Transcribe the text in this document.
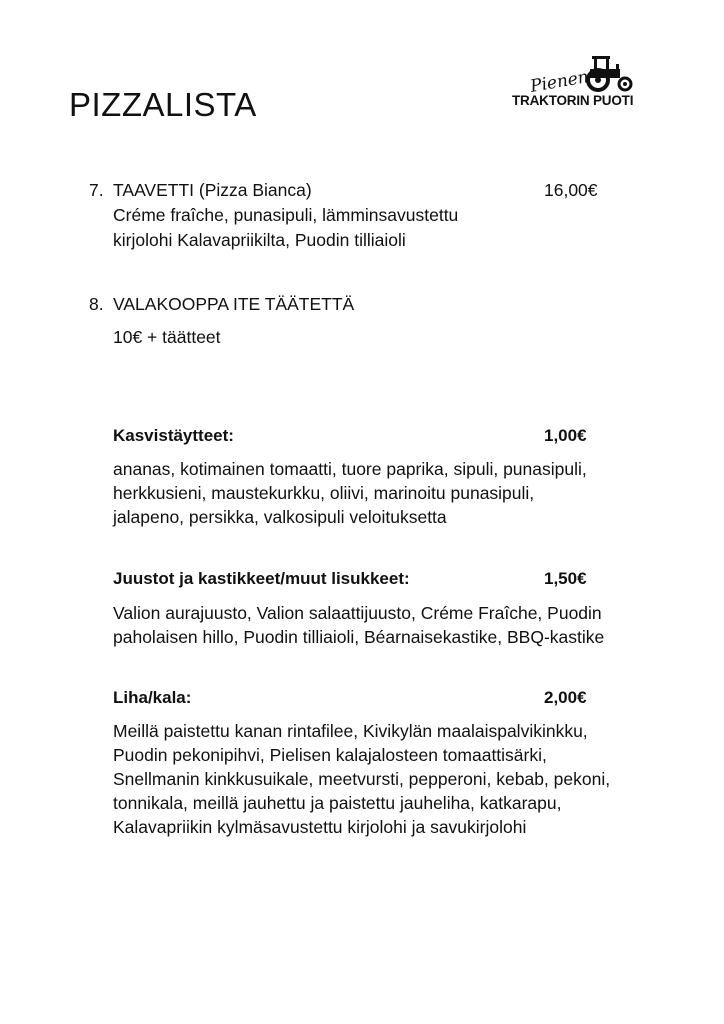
PIZZALISTA
Pienen
TRAKTORIN PUOTI
7. TAAVETTI (Pizza Bianca)	16,00€
Créme fraîche, punasipuli, lämminsavustettu
kirjolohi Kalavapriikilta, Puodin tilliaioli
8. VALAKOOPPA ITE TÄÄTETTÄ
10€ + täätteet
Kasvistäytteet:	1,00€
ananas, kotimainen tomaatti, tuore paprika, sipuli, punasipuli,
herkkusieni, maustekurkku, oliivi, marinoitu punasipuli,
jalapeno, persikka, valkosipuli veloituksetta
Juustot ja kastikkeet/muut lisukkeet:	1,50€
Valion aurajuusto, Valion salaattijuusto, Créme Fraîche, Puodin
paholaisen hillo, Puodin tilliaioli, Béarnaisekastike, BBQ-kastike
Liha/kala:	2,00€
Meillä paistettu kanan rintafilee, Kivikylän maalaispalvikinkku,
Puodin pekonipihvi, Pielisen kalajalosteen tomaattisärki,
Snellmanin kinkkusuikale, meetvursti, pepperoni, kebab, pekoni,
tonnikala, meillä jauhettu ja paistettu jauheliha, katkarapu,
Kalavapriikin kylmäsavustettu kirjolohi ja savukirjolohi
